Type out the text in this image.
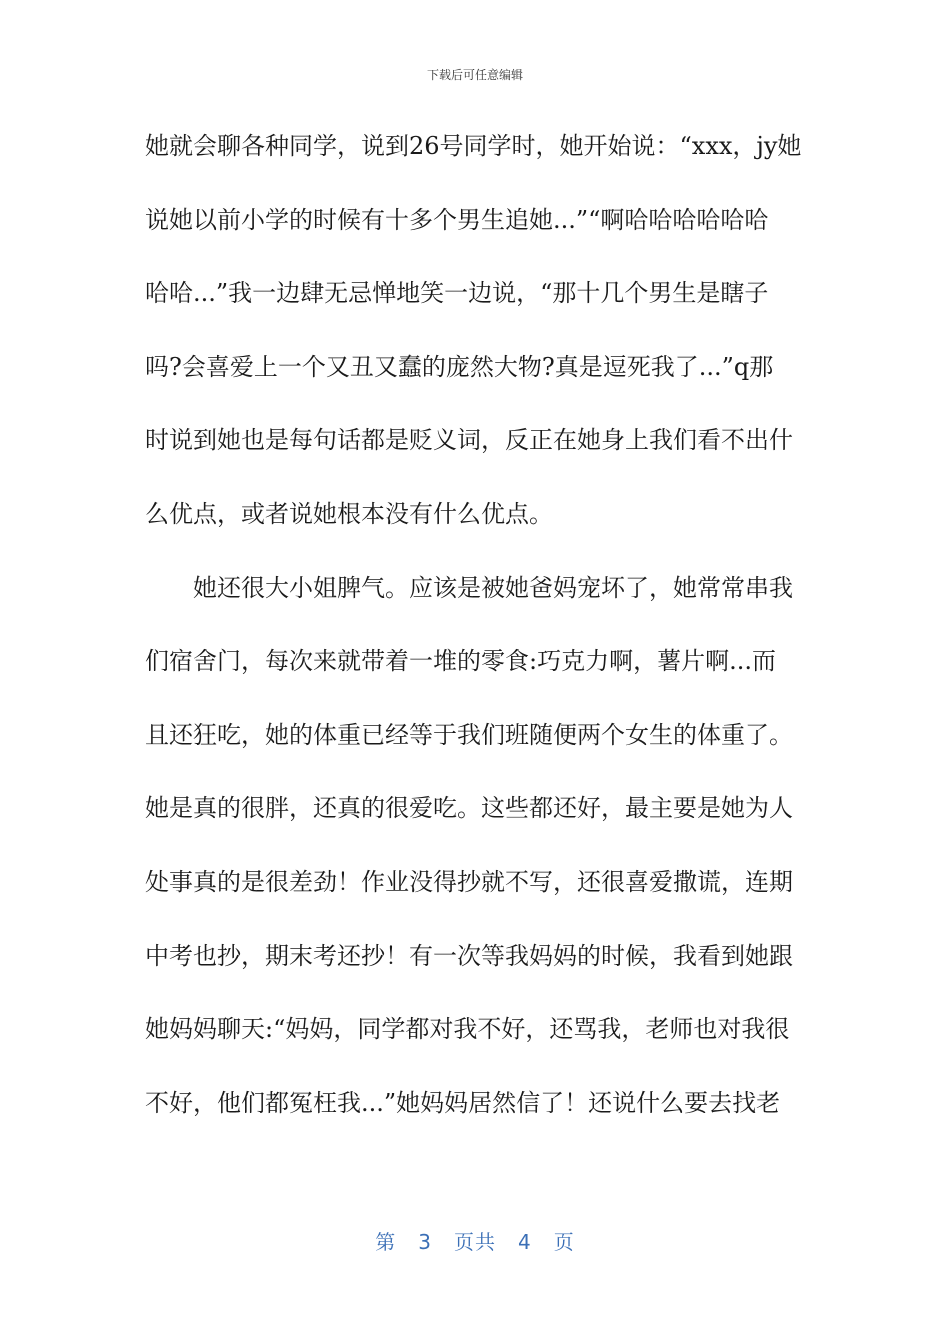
下载后可任意编辑
她就会聊各种同学，说到26号同学时，她开始说：“xxx，jy她
说她以前小学的时候有十多个男生追她...”“啊哈哈哈哈哈哈
哈哈...”我一边肆无忌惮地笑一边说，“那十几个男生是瞎子
吗?会喜爱上一个又丑又蠢的庞然大物?真是逗死我了...”q那
时说到她也是每句话都是贬义词，反正在她身上我们看不出什
么优点，或者说她根本没有什么优点。
她还很大小姐脾气。应该是被她爸妈宠坏了，她常常串我
们宿舍门，每次来就带着一堆的零食:巧克力啊，薯片啊...而
且还狂吃，她的体重已经等于我们班随便两个女生的体重了。
她是真的很胖，还真的很爱吃。这些都还好，最主要是她为人
处事真的是很差劲！作业没得抄就不写，还很喜爱撒谎，连期
中考也抄，期末考还抄！有一次等我妈妈的时候，我看到她跟
她妈妈聊天:“妈妈，同学都对我不好，还骂我，老师也对我很
不好，他们都冤枉我...”她妈妈居然信了！还说什么要去找老
第 3 页共 4 页
